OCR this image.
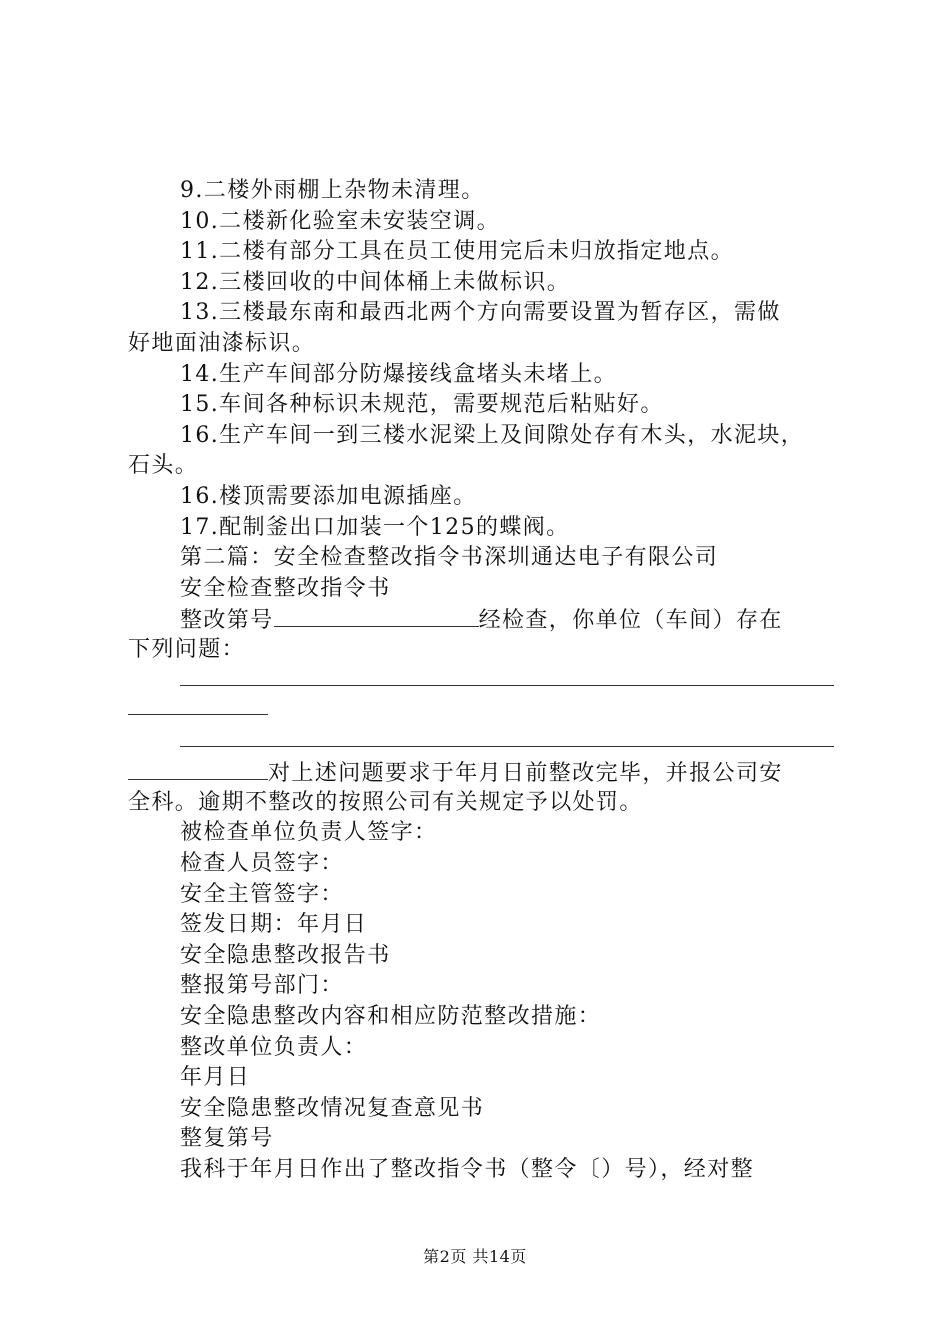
9.二楼外雨棚上杂物未清理。
10.二楼新化验室未安装空调。
11.二楼有部分工具在员工使用完后未归放指定地点。
12.三楼回收的中间体桶上未做标识。
13.三楼最东南和最西北两个方向需要设置为暂存区，需做
好地面油漆标识。
14.生产车间部分防爆接线盒堵头未堵上。
15.车间各种标识未规范，需要规范后粘贴好。
16.生产车间一到三楼水泥梁上及间隙处存有木头，水泥块，
石头。
16.楼顶需要添加电源插座。
17.配制釜出口加装一个125的蝶阀。
第二篇：安全检查整改指令书深圳通达电子有限公司
安全检查整改指令书
整改第号	经检查，你单位（车间）存在
下列问题：
对上述问题要求于年月日前整改完毕，并报公司安
全科。逾期不整改的按照公司有关规定予以处罚。
被检查单位负责人签字：
检查人员签字：
安全主管签字：
签发日期：年月日
安全隐患整改报告书
整报第号部门：
安全隐患整改内容和相应防范整改措施：
整改单位负责人：
年月日
安全隐患整改情况复查意见书
整复第号
我科于年月日作出了整改指令书（整令〔）号），经对整
第2页 共14页
